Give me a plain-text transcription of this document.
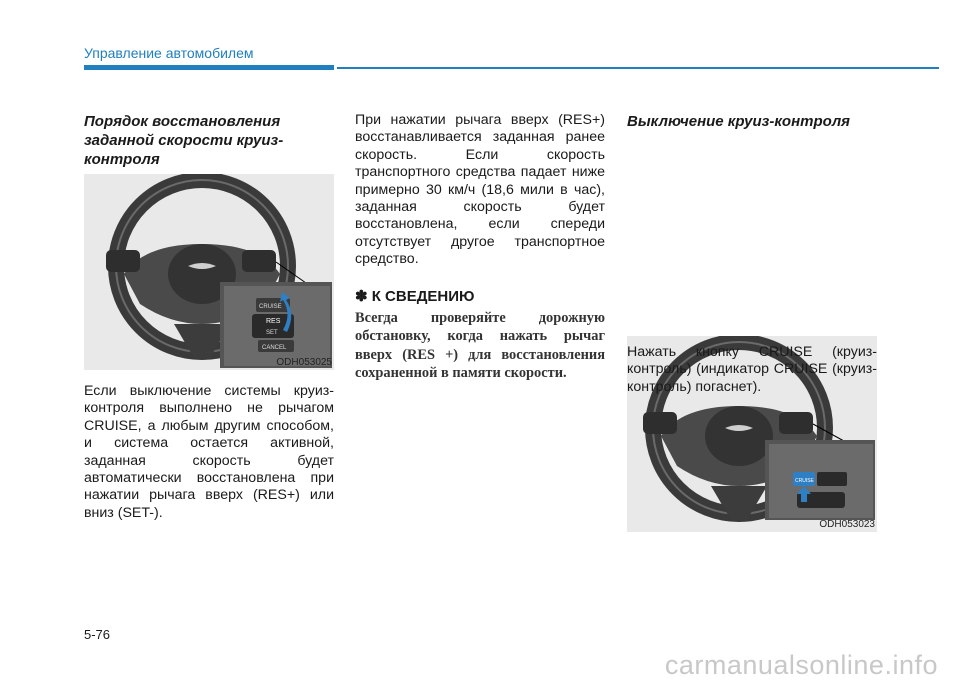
Управление автомобилем

Порядок восстановления заданной скорости круиз-контроля

CRUISE
RES
SET
CANCEL
ODH053025

Если выключение системы круиз-контроля выполнено не рычагом CRUISE, а любым другим способом, и система остается активной, заданная скорость будет автоматически восстановлена при нажатии рычага вверх (RES+) или вниз (SET-).

При нажатии рычага вверх (RES+) восстанавливается заданная ранее скорость. Если скорость транспортного средства падает ниже примерно 30 км/ч (18,6 мили в час), заданная скорость будет восстановлена, если спереди отсутствует другое транспортное средство.

✽ К СВЕДЕНИЮ

Всегда проверяйте дорожную обстановку, когда нажать рычаг вверх (RES +) для восстановления сохраненной в памяти скорости.

Выключение круиз-контроля

CRUISE
ODH053023

Нажать кнопку CRUISE (круиз-контроль) (индикатор CRUISE (круиз-контроль) погаснет).

5-76
carmanualsonline.info
